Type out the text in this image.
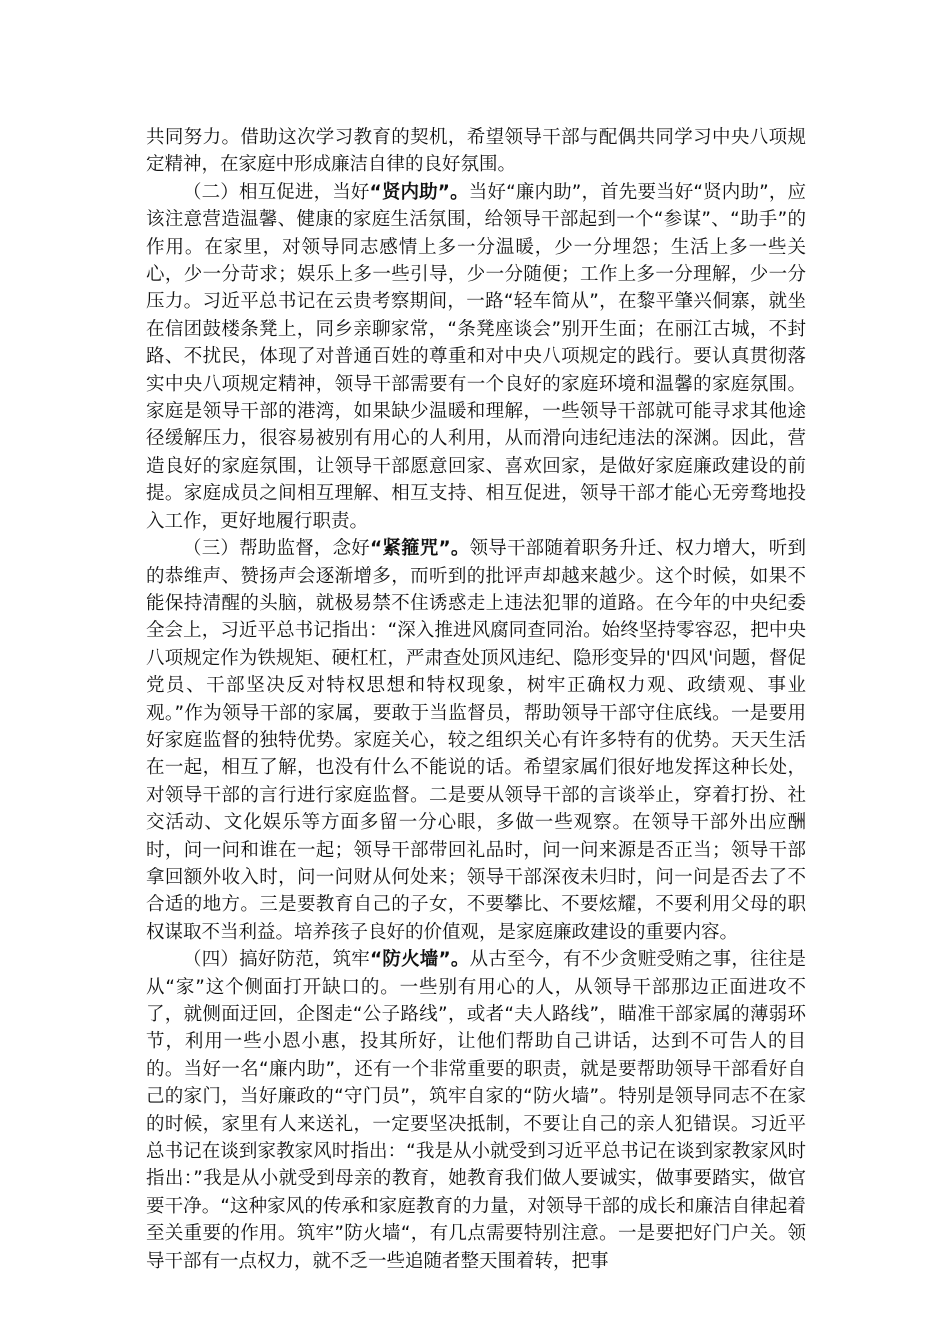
共同努力。借助这次学习教育的契机，希望领导干部与配偶共同学习中央八项规定精神，在家庭中形成廉洁自律的良好氛围。

（二）相互促进，当好“贤内助”。当好“廉内助”，首先要当好“贤内助”，应该注意营造温馨、健康的家庭生活氛围，给领导干部起到一个“参谋”、“助手”的作用。在家里，对领导同志感情上多一分温暖，少一分埋怨；生活上多一些关心，少一分苛求；娱乐上多一些引导，少一分随便；工作上多一分理解，少一分压力。习近平总书记在云贵考察期间，一路“轻车简从”，在黎平肇兴侗寨，就坐在信团鼓楼条凳上，同乡亲聊家常，“条凳座谈会”别开生面；在丽江古城，不封路、不扰民，体现了对普通百姓的尊重和对中央八项规定的践行。要认真贯彻落实中央八项规定精神，领导干部需要有一个良好的家庭环境和温馨的家庭氛围。家庭是领导干部的港湾，如果缺少温暖和理解，一些领导干部就可能寻求其他途径缓解压力，很容易被别有用心的人利用，从而滑向违纪违法的深渊。因此，营造良好的家庭氛围，让领导干部愿意回家、喜欢回家，是做好家庭廉政建设的前提。家庭成员之间相互理解、相互支持、相互促进，领导干部才能心无旁骛地投入工作，更好地履行职责。

（三）帮助监督，念好“紧箍咒”。领导干部随着职务升迁、权力增大，听到的恭维声、赞扬声会逐渐增多，而听到的批评声却越来越少。这个时候，如果不能保持清醒的头脑，就极易禁不住诱惑走上违法犯罪的道路。在今年的中央纪委全会上，习近平总书记指出：“深入推进风腐同查同治。始终坚持零容忍，把中央八项规定作为铁规矩、硬杠杠，严肃查处顶风违纪、隐形变异的'四风'问题，督促党员、干部坚决反对特权思想和特权现象，树牢正确权力观、政绩观、事业观。”作为领导干部的家属，要敢于当监督员，帮助领导干部守住底线。一是要用好家庭监督的独特优势。家庭关心，较之组织关心有许多特有的优势。天天生活在一起，相互了解，也没有什么不能说的话。希望家属们很好地发挥这种长处，对领导干部的言行进行家庭监督。二是要从领导干部的言谈举止，穿着打扮、社交活动、文化娱乐等方面多留一分心眼，多做一些观察。在领导干部外出应酬时，问一问和谁在一起；领导干部带回礼品时，问一问来源是否正当；领导干部拿回额外收入时，问一问财从何处来；领导干部深夜未归时，问一问是否去了不合适的地方。三是要教育自己的子女，不要攀比、不要炫耀，不要利用父母的职权谋取不当利益。培养孩子良好的价值观，是家庭廉政建设的重要内容。

（四）搞好防范，筑牢“防火墙”。从古至今，有不少贪赃受贿之事，往往是从“家”这个侧面打开缺口的。一些别有用心的人，从领导干部那边正面进攻不了，就侧面迂回，企图走“公子路线”，或者“夫人路线”，瞄准干部家属的薄弱环节，利用一些小恩小惠，投其所好，让他们帮助自己讲话，达到不可告人的目的。当好一名“廉内助”，还有一个非常重要的职责，就是要帮助领导干部看好自己的家门，当好廉政的“守门员”，筑牢自家的“防火墙”。特别是领导同志不在家的时候，家里有人来送礼，一定要坚决抵制，不要让自己的亲人犯错误。习近平总书记在谈到家教家风时指出：“我是从小就受到习近平总书记在谈到家教家风时指出：”我是从小就受到母亲的教育，她教育我们做人要诚实，做事要踏实，做官要干净。“这种家风的传承和家庭教育的力量，对领导干部的成长和廉洁自律起着至关重要的作用。筑牢”防火墙“，有几点需要特别注意。一是要把好门户关。领导干部有一点权力，就不乏一些追随者整天围着转，把事
